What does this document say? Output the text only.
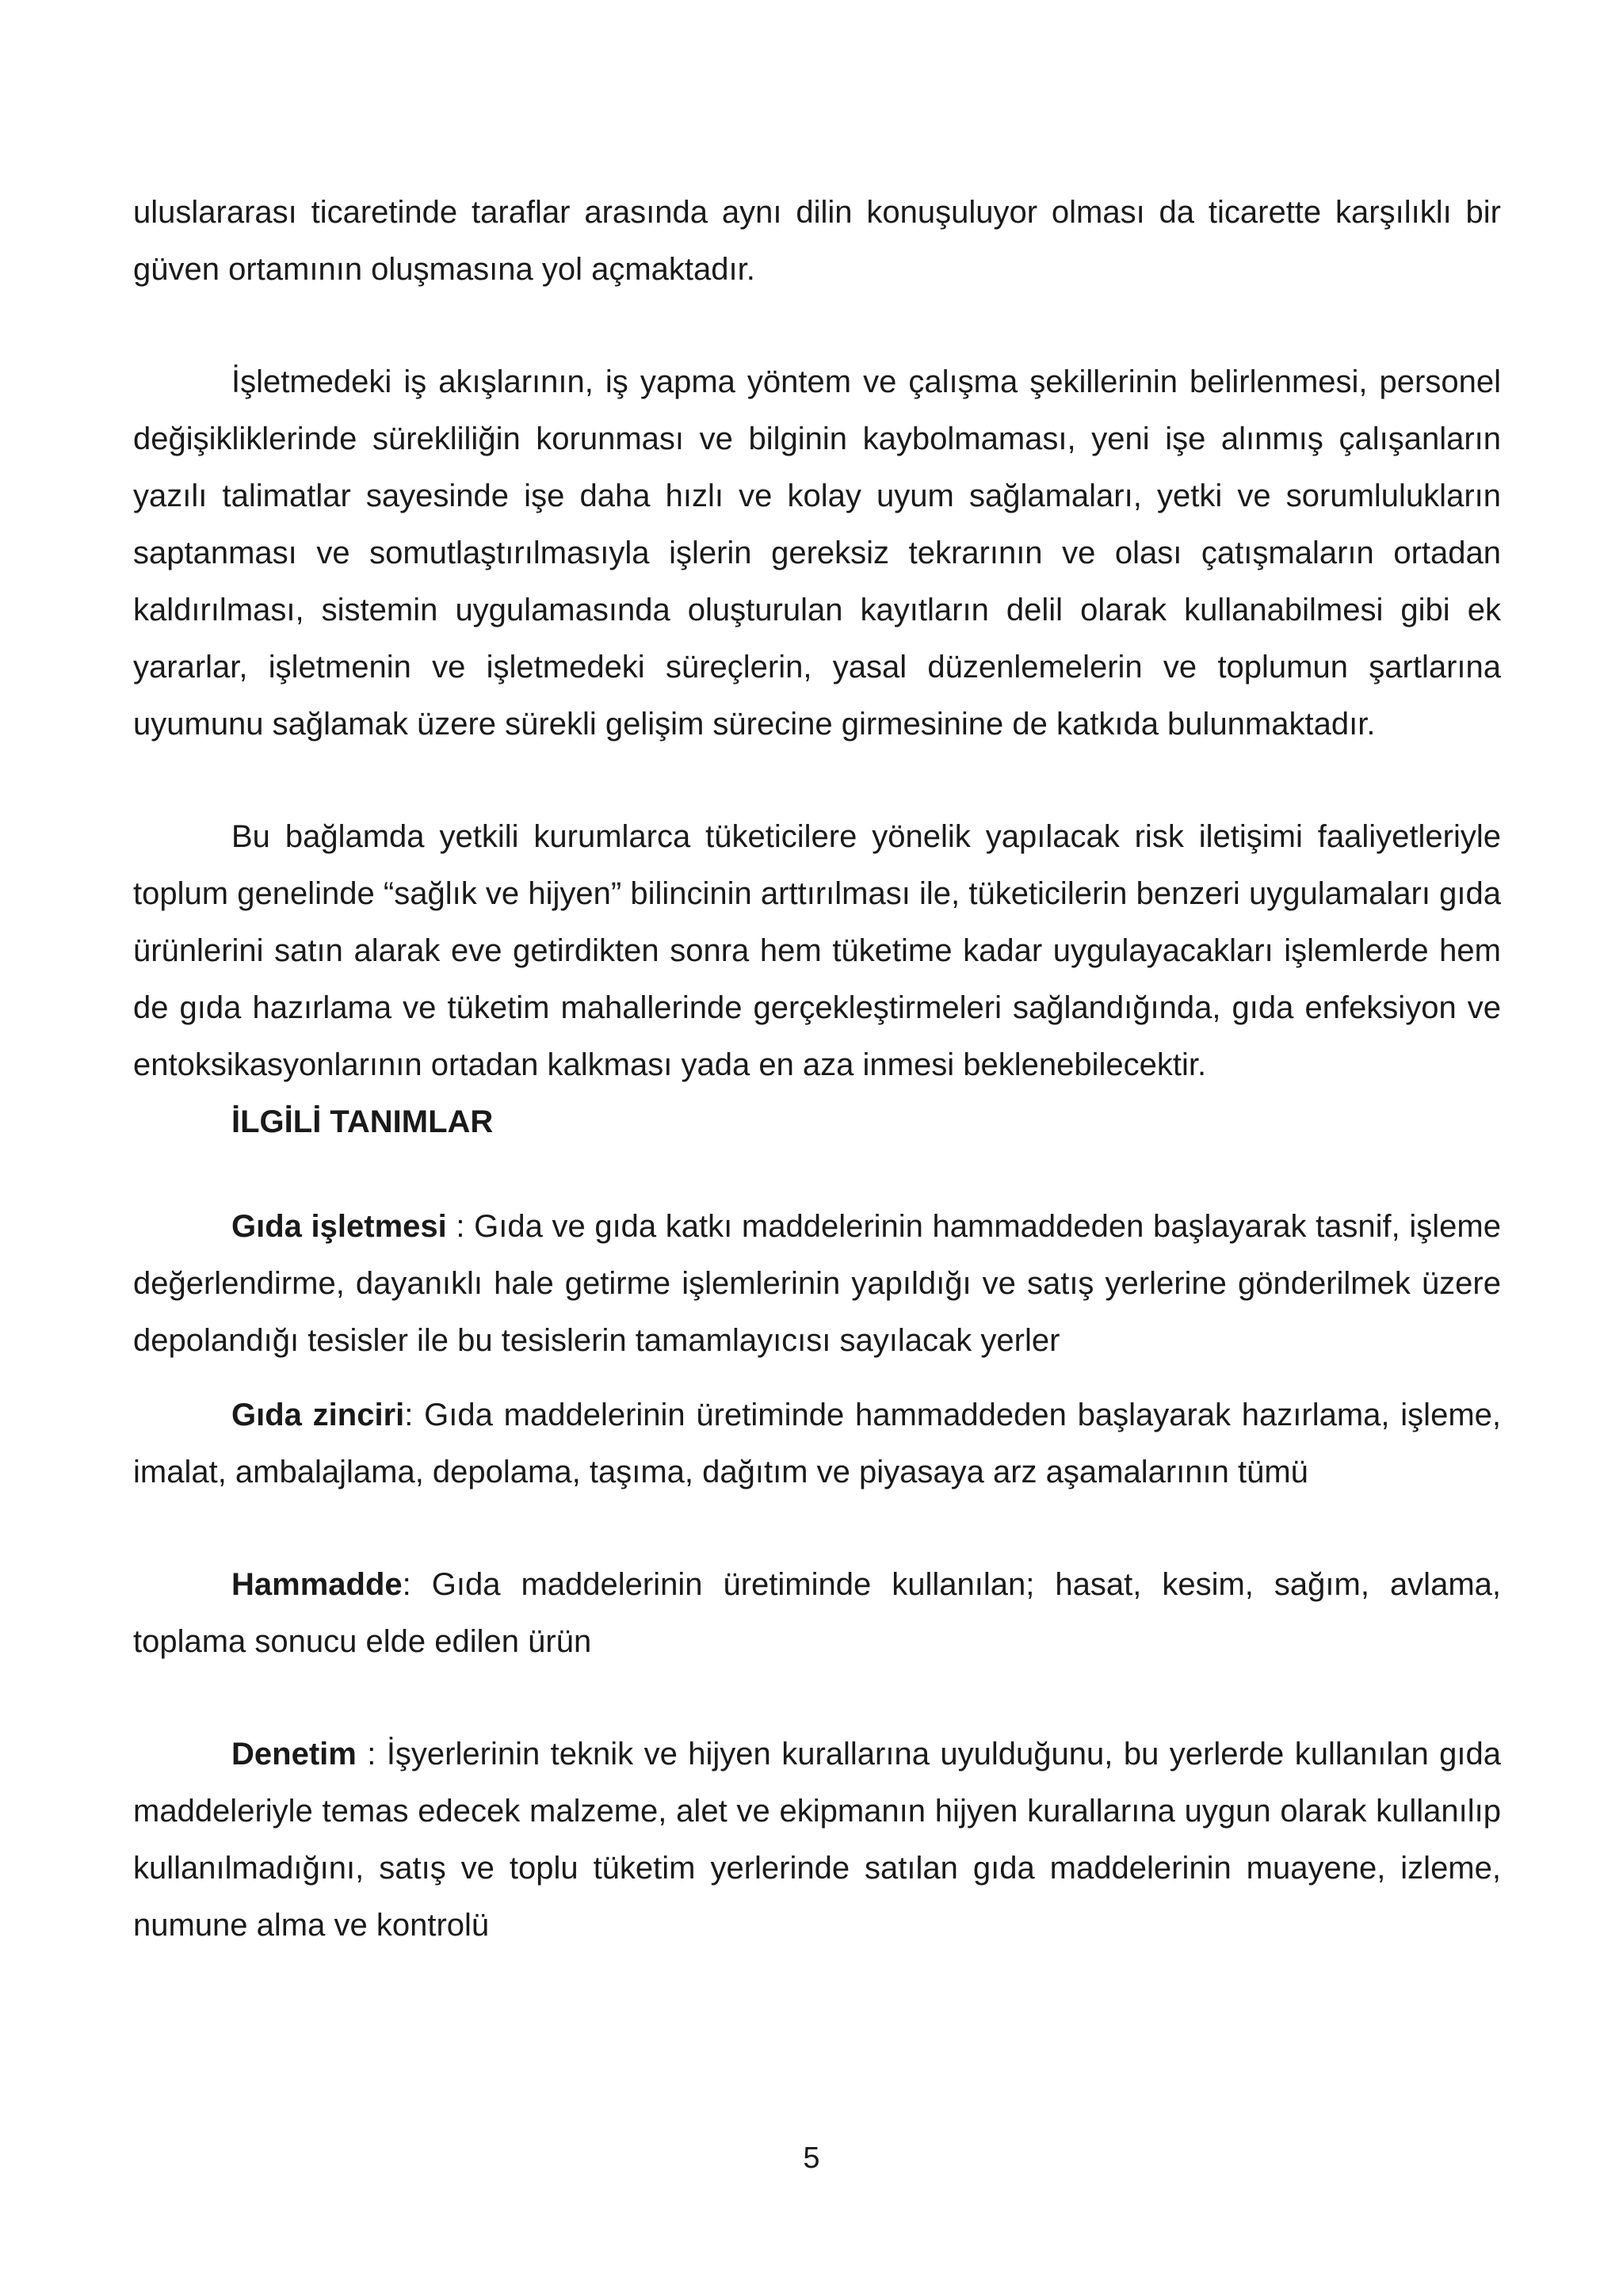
uluslararası ticaretinde taraflar arasında aynı dilin konuşuluyor olması da ticarette karşılıklı bir güven ortamının oluşmasına yol açmaktadır.

İşletmedeki iş akışlarının, iş yapma yöntem ve çalışma şekillerinin belirlenmesi, personel değişikliklerinde sürekliliğin korunması ve bilginin kaybolmaması, yeni işe alınmış çalışanların yazılı talimatlar sayesinde işe daha hızlı ve kolay uyum sağlamaları, yetki ve sorumlulukların saptanması ve somutlaştırılmasıyla işlerin gereksiz tekrarının ve olası çatışmaların ortadan kaldırılması, sistemin uygulamasında oluşturulan kayıtların delil olarak kullanabilmesi gibi ek yararlar, işletmenin ve işletmedeki süreçlerin, yasal düzenlemelerin ve toplumun şartlarına uyumunu sağlamak üzere sürekli gelişim sürecine girmesinine de katkıda bulunmaktadır.

Bu bağlamda yetkili kurumlarca tüketicilere yönelik yapılacak risk iletişimi faaliyetleriyle toplum genelinde “sağlık ve hijyen” bilincinin arttırılması ile, tüketicilerin benzeri uygulamaları gıda ürünlerini satın alarak eve getirdikten sonra hem tüketime kadar uygulayacakları işlemlerde hem de gıda hazırlama ve tüketim mahallerinde gerçekleştirmeleri sağlandığında, gıda enfeksiyon ve entoksikasyonlarının ortadan kalkması yada en aza inmesi beklenebilecektir.

İLGİLİ TANIMLAR

Gıda işletmesi : Gıda ve gıda katkı maddelerinin hammaddeden başlayarak tasnif, işleme değerlendirme, dayanıklı hale getirme işlemlerinin yapıldığı ve satış yerlerine gönderilmek üzere depolandığı tesisler ile bu tesislerin tamamlayıcısı sayılacak yerler

Gıda zinciri: Gıda maddelerinin üretiminde hammaddeden başlayarak hazırlama, işleme, imalat, ambalajlama, depolama, taşıma, dağıtım ve piyasaya arz aşamalarının tümü

Hammadde: Gıda maddelerinin üretiminde kullanılan; hasat, kesim, sağım, avlama, toplama sonucu elde edilen ürün

Denetim : İşyerlerinin teknik ve hijyen kurallarına uyulduğunu, bu yerlerde kullanılan gıda maddeleriyle temas edecek malzeme, alet ve ekipmanın hijyen kurallarına uygun olarak kullanılıp kullanılmadığını, satış ve toplu tüketim yerlerinde satılan gıda maddelerinin muayene, izleme, numune alma ve kontrolü

5
